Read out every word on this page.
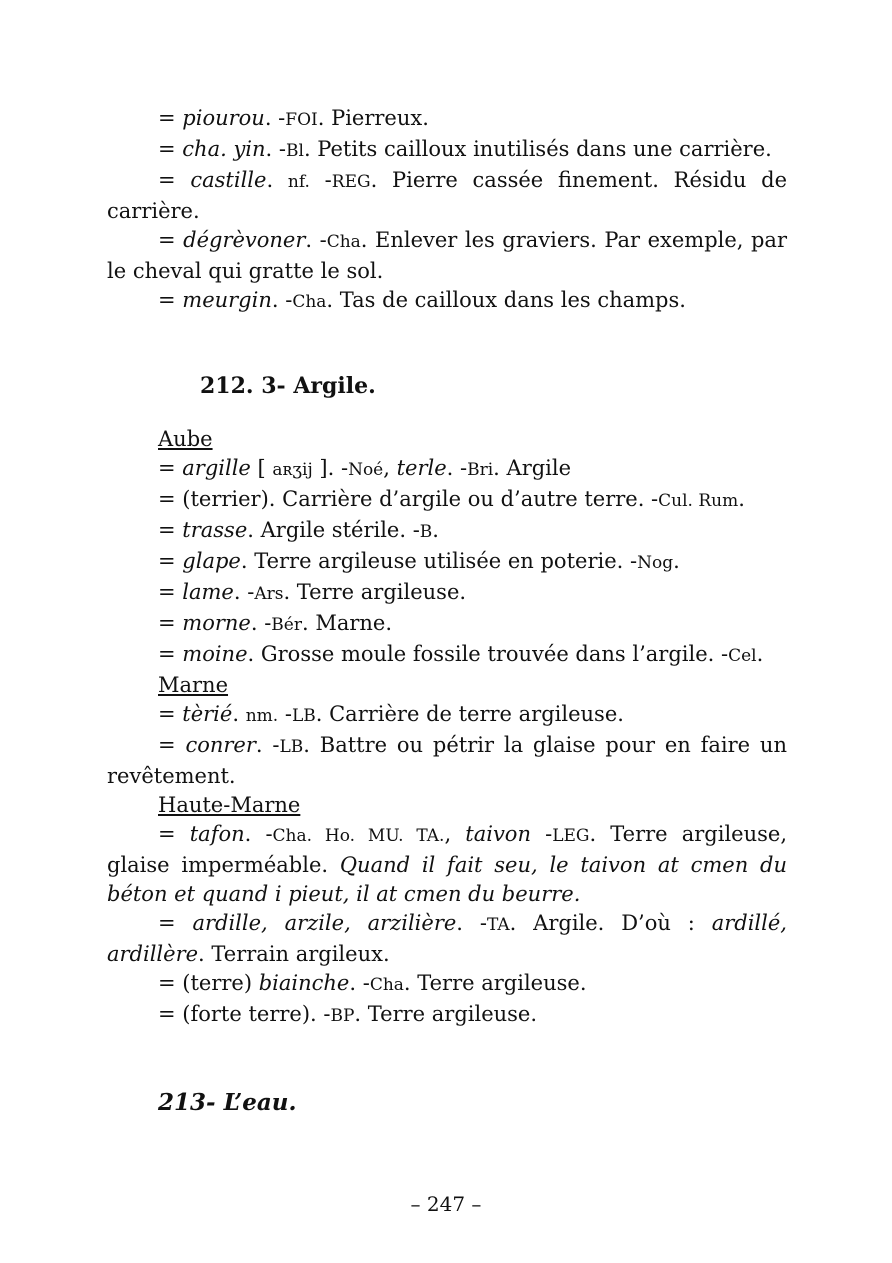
= piourou. -FOI. Pierreux.

= cha. yin. -Bl. Petits cailloux inutilisés dans une carrière.

= castille. nf. -REG. Pierre cassée finement. Résidu de carrière.

= dégrèvoner. -Cha. Enlever les graviers. Par exemple, par le cheval qui gratte le sol.

= meurgin. -Cha. Tas de cailloux dans les champs.

212. 3- Argile.

Aube

= argille [ aʀʒij ]. -Noé, terle. -Bri. Argile

= (terrier). Carrière d’argile ou d’autre terre. -Cul. Rum.

= trasse. Argile stérile. -B.

= glape. Terre argileuse utilisée en poterie. -Nog.

= lame. -Ars. Terre argileuse.

= morne. -Bér. Marne.

= moine. Grosse moule fossile trouvée dans l’argile. -Cel.

Marne

= tèrié. nm. -LB. Carrière de terre argileuse.

= conrer. -LB. Battre ou pétrir la glaise pour en faire un revêtement.

Haute-Marne

= tafon. -Cha. Ho. MU. TA., taivon -LEG. Terre argileuse, glaise imperméable. Quand il fait seu, le taivon at cmen du béton et quand i pieut, il at cmen du beurre.

= ardille, arzile, arzilière. -TA. Argile. D’où : ardillé, ardillère. Terrain argileux.

= (terre) biainche. -Cha. Terre argileuse.

= (forte terre). -BP. Terre argileuse.

213- L’eau.

– 247 –
